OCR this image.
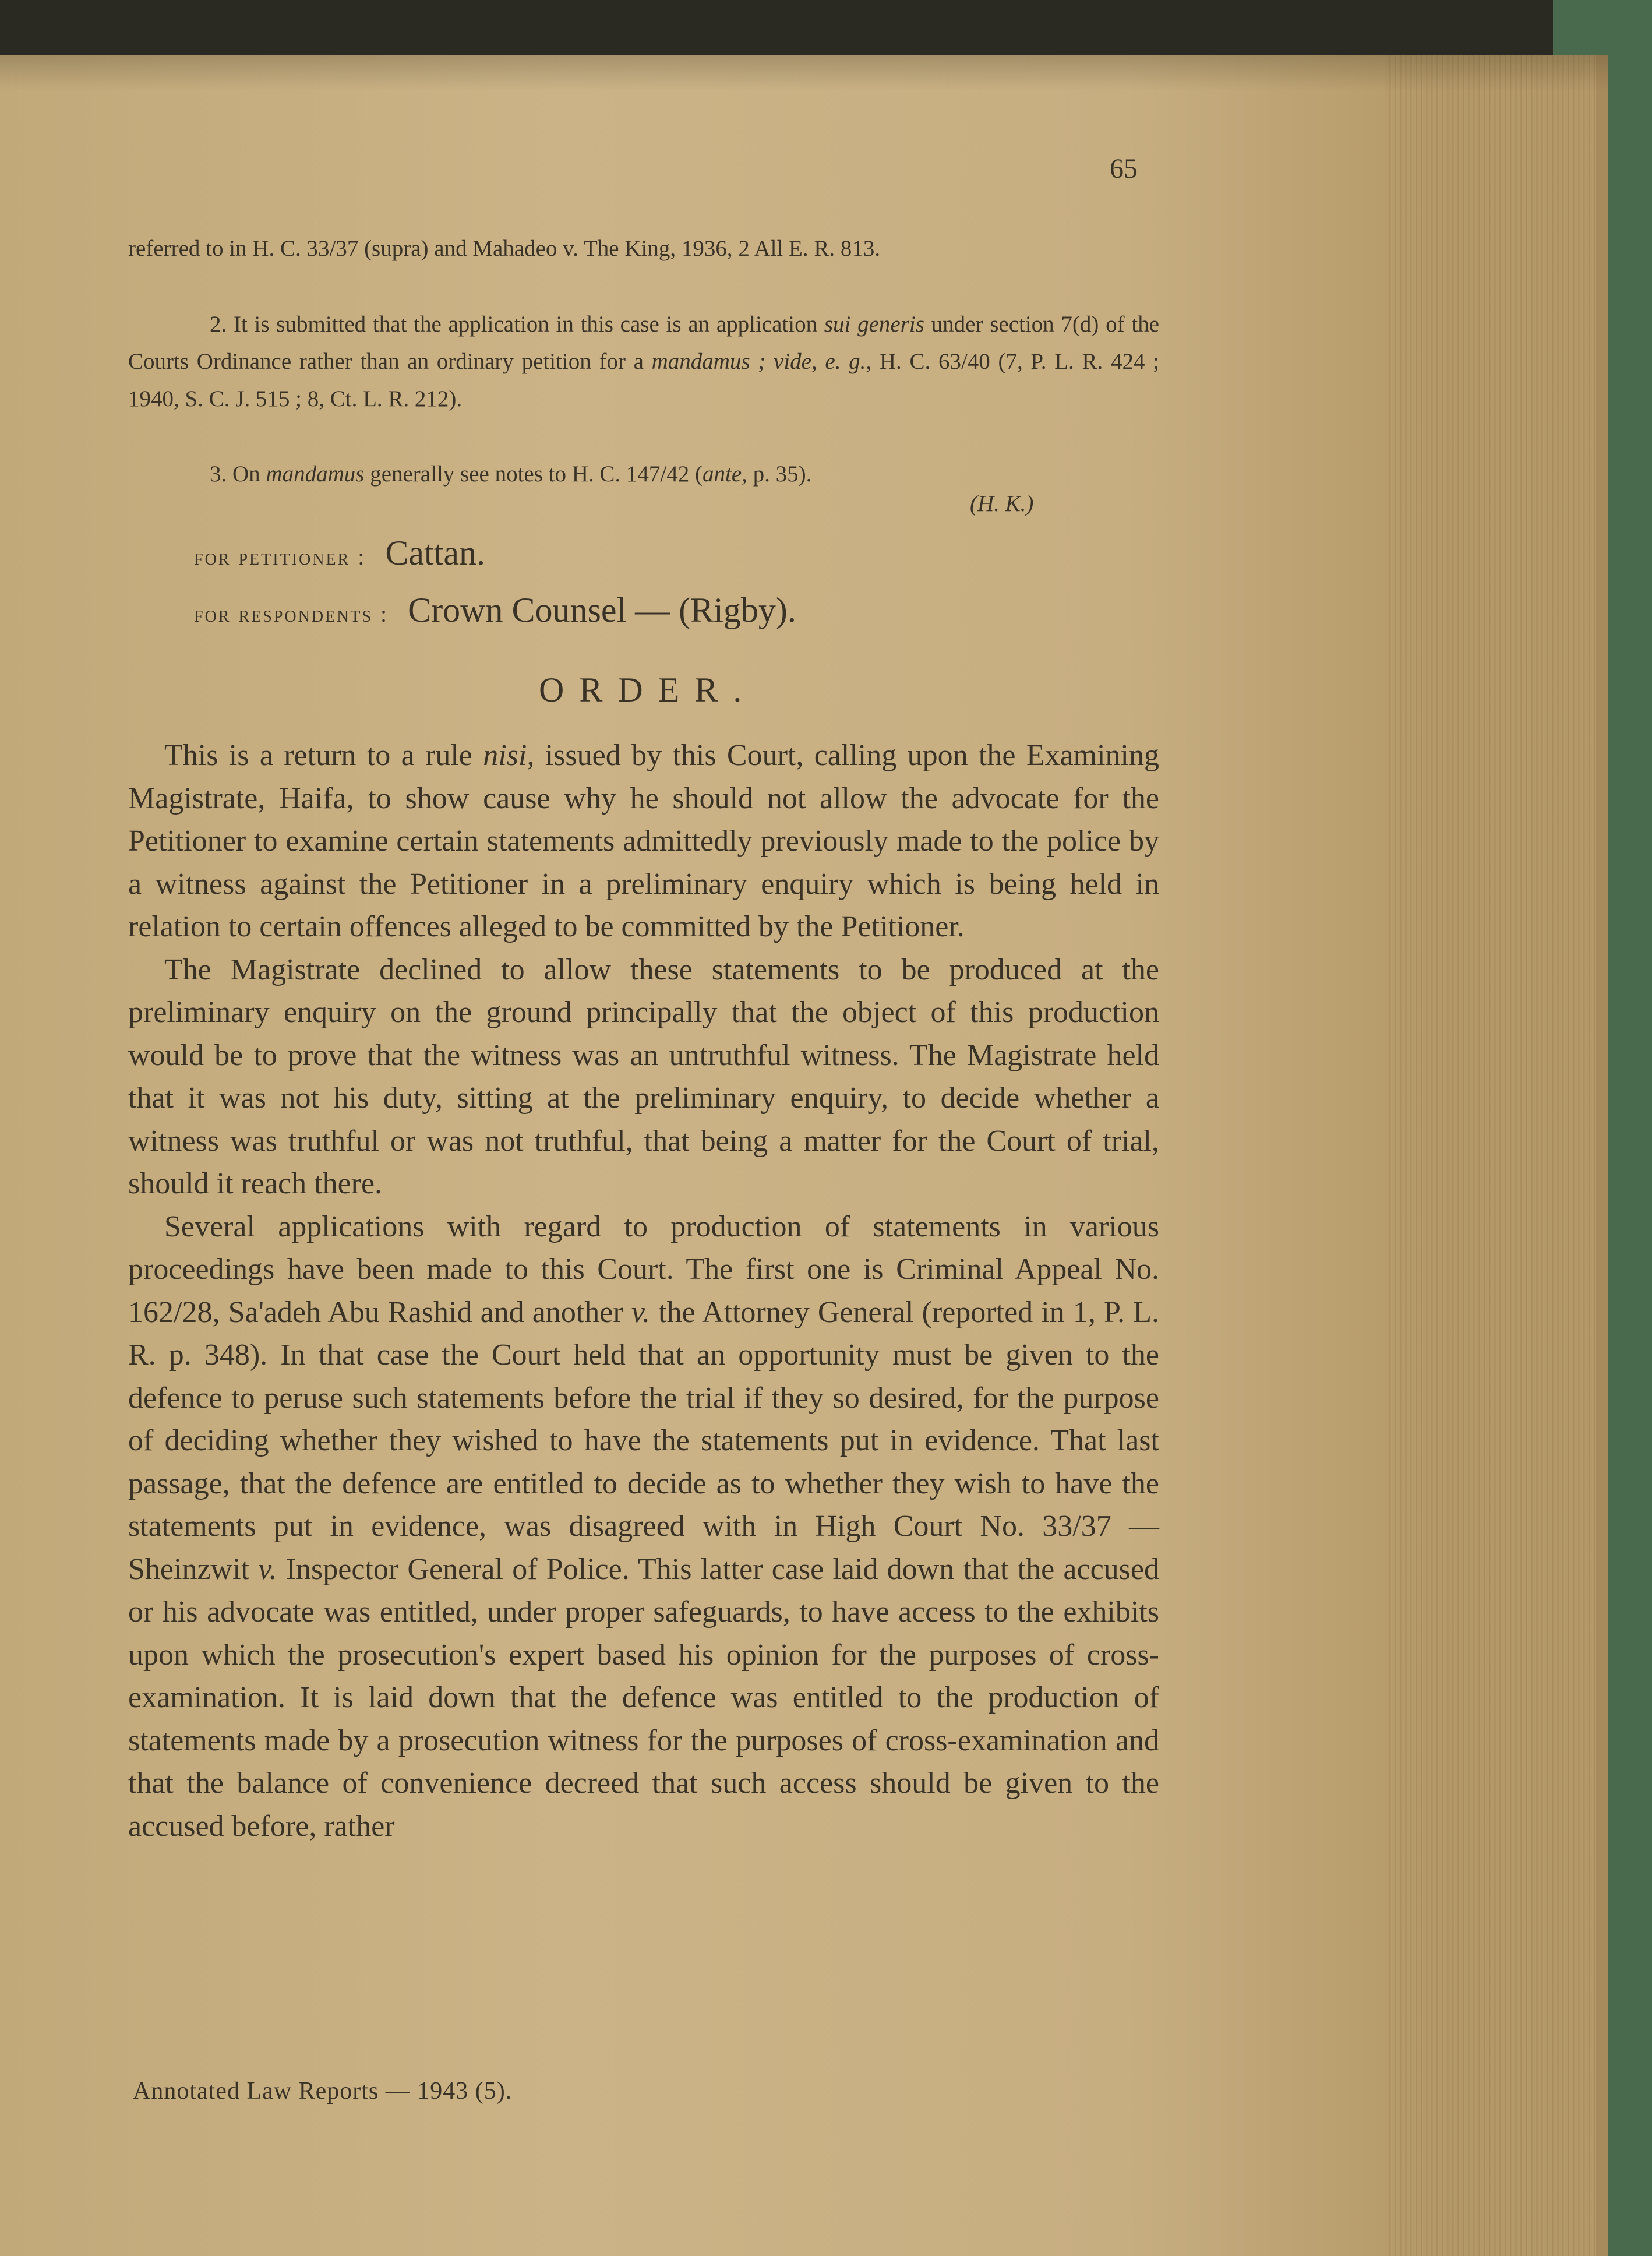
65

referred to in H. C. 33/37 (supra) and Mahadeo v. The King, 1936, 2 All E. R. 813.

2. It is submitted that the application in this case is an application sui generis under section 7(d) of the Courts Ordinance rather than an ordinary petition for a mandamus ; vide, e. g., H. C. 63/40 (7, P. L. R. 424 ; 1940, S. C. J. 515 ; 8, Ct. L. R. 212).

3. On mandamus generally see notes to H. C. 147/42 (ante, p. 35).

(H. K.)
for petitioner : Cattan.
for respondents : Crown Counsel — (Rigby).
ORDER.

This is a return to a rule nisi, issued by this Court, calling upon the Examining Magistrate, Haifa, to show cause why he should not allow the advocate for the Petitioner to examine certain statements admittedly previously made to the police by a witness against the Petitioner in a preliminary enquiry which is being held in relation to certain offences alleged to be committed by the Petitioner.

The Magistrate declined to allow these statements to be produced at the preliminary enquiry on the ground principally that the object of this production would be to prove that the witness was an untruthful witness. The Magistrate held that it was not his duty, sitting at the preliminary enquiry, to decide whether a witness was truthful or was not truthful, that being a matter for the Court of trial, should it reach there.

Several applications with regard to production of statements in various proceedings have been made to this Court. The first one is Criminal Appeal No. 162/28, Sa'adeh Abu Rashid and another v. the Attorney General (reported in 1, P. L. R. p. 348). In that case the Court held that an opportunity must be given to the defence to peruse such statements before the trial if they so desired, for the purpose of deciding whether they wished to have the statements put in evidence. That last passage, that the defence are entitled to decide as to whether they wish to have the statements put in evidence, was disagreed with in High Court No. 33/37 — Sheinzwit v. Inspector General of Police. This latter case laid down that the accused or his advocate was entitled, under proper safeguards, to have access to the exhibits upon which the prosecution's expert based his opinion for the purposes of cross-examination. It is laid down that the defence was entitled to the production of statements made by a prosecution witness for the purposes of cross-examination and that the balance of convenience decreed that such access should be given to the accused before, rather

Annotated Law Reports — 1943 (5).
